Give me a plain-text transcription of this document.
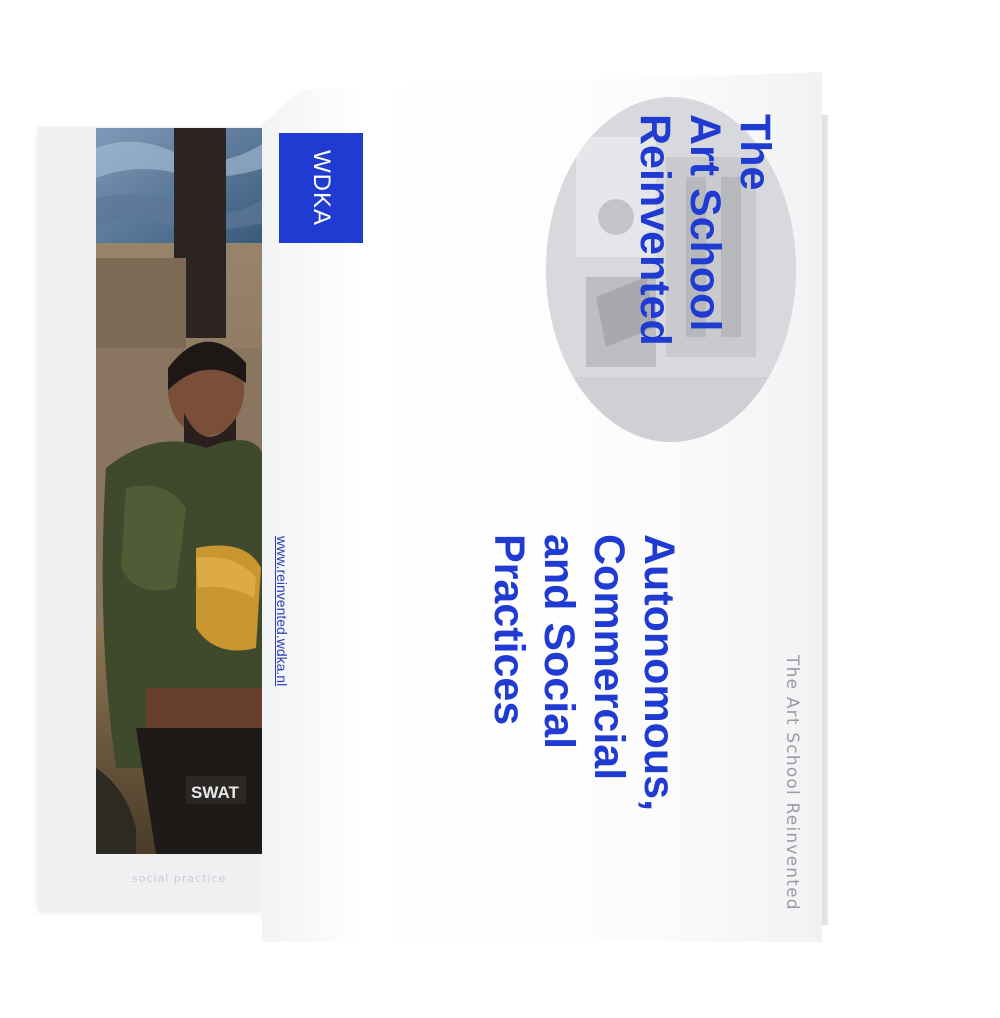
SWAT
social practice
WDKA
www.reinvented.wdka.nl
The
Art School
Reinvented
Autonomous,
Commercial
and Social
Practices
The Art School Reinvented
